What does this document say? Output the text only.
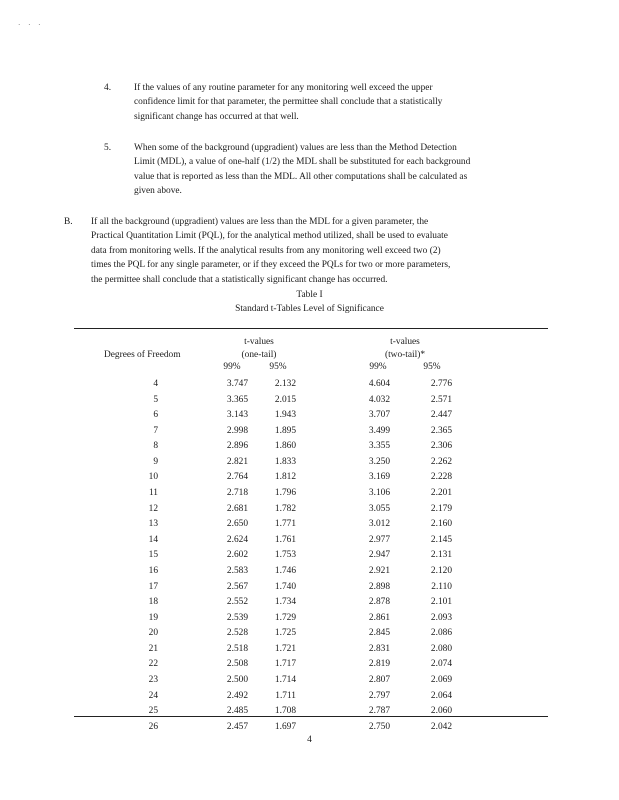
· · ·
4. If the values of any routine parameter for any monitoring well exceed the upper
confidence limit for that parameter, the permittee shall conclude that a statistically
significant change has occurred at that well.
5. When some of the background (upgradient) values are less than the Method Detection
Limit (MDL), a value of one-half (1/2) the MDL shall be substituted for each background
value that is reported as less than the MDL. All other computations shall be calculated as
given above.
B. If all the background (upgradient) values are less than the MDL for a given parameter, the
Practical Quantitation Limit (PQL), for the analytical method utilized, shall be used to evaluate
data from monitoring wells. If the analytical results from any monitoring well exceed two (2)
times the PQL for any single parameter, or if they exceed the PQLs for two or more parameters,
the permittee shall conclude that a statistically significant change has occurred.
Table I
Standard t-Tables Level of Significance
t-values
(one-tail)
t-values
(two-tail)*
Degrees of Freedom
99%	95%	99%	95%
4	3.747	2.132	4.604	2.776
5	3.365	2.015	4.032	2.571
6	3.143	1.943	3.707	2.447
7	2.998	1.895	3.499	2.365
8	2.896	1.860	3.355	2.306
9	2.821	1.833	3.250	2.262
10	2.764	1.812	3.169	2.228
11	2.718	1.796	3.106	2.201
12	2.681	1.782	3.055	2.179
13	2.650	1.771	3.012	2.160
14	2.624	1.761	2.977	2.145
15	2.602	1.753	2.947	2.131
16	2.583	1.746	2.921	2.120
17	2.567	1.740	2.898	2.110
18	2.552	1.734	2.878	2.101
19	2.539	1.729	2.861	2.093
20	2.528	1.725	2.845	2.086
21	2.518	1.721	2.831	2.080
22	2.508	1.717	2.819	2.074
23	2.500	1.714	2.807	2.069
24	2.492	1.711	2.797	2.064
25	2.485	1.708	2.787	2.060
26	2.457	1.697	2.750	2.042
4
